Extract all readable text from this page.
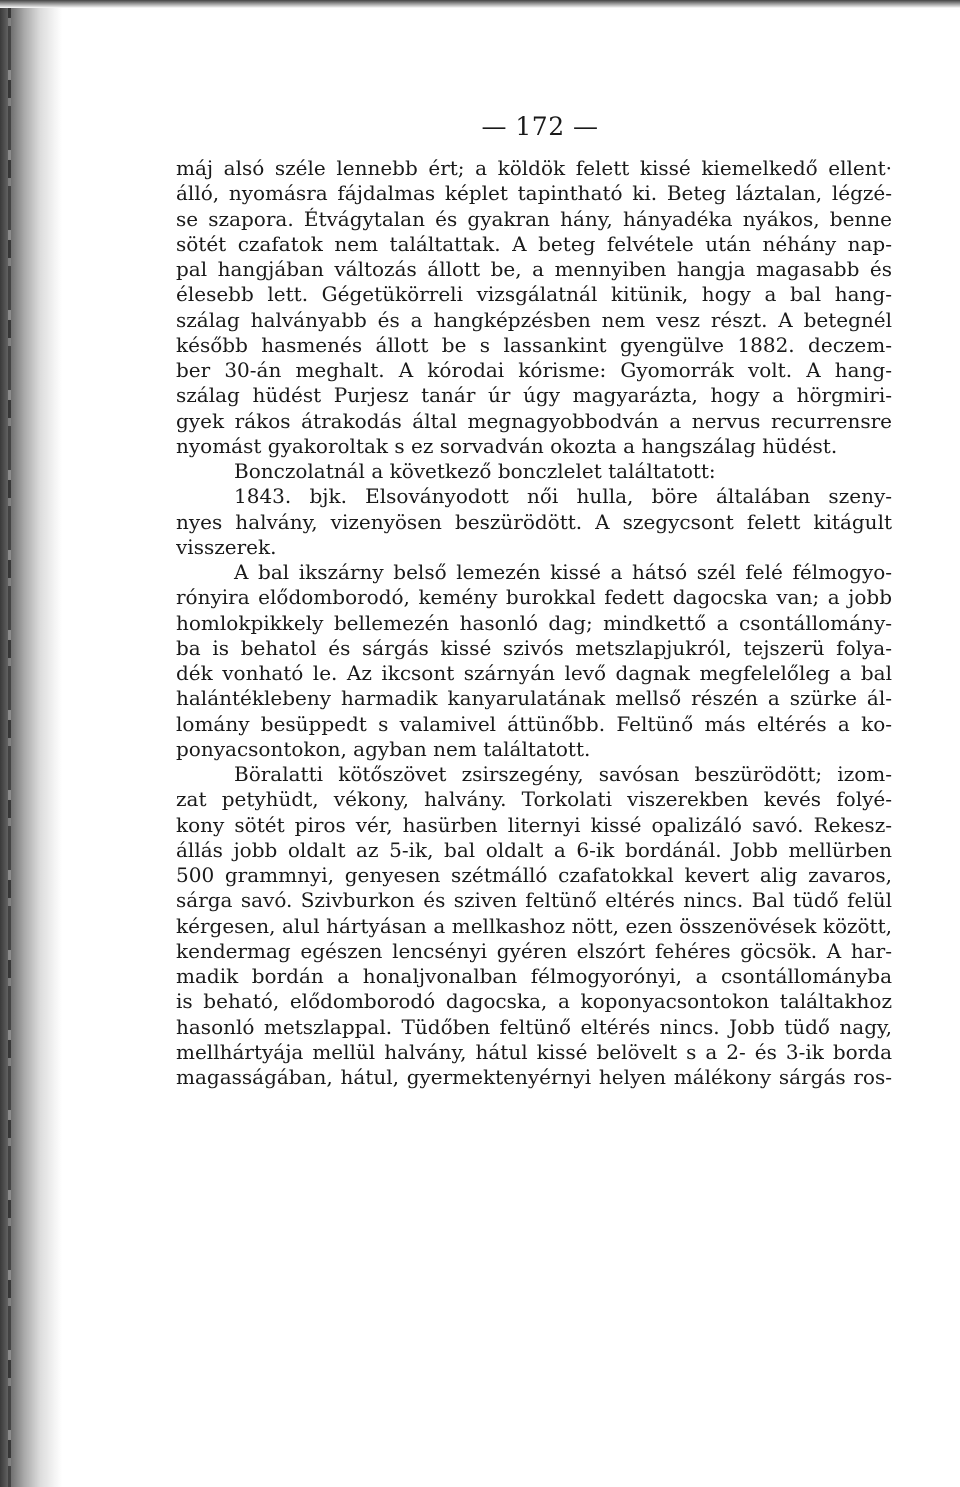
— 172 —
máj alsó széle lennebb ért; a köldök felett kissé kiemelkedő ellent·
álló, nyomásra fájdalmas képlet tapintható ki. Beteg láztalan, légzé-
se szapora. Étvágytalan és gyakran hány, hányadéka nyákos, benne
sötét czafatok nem találtattak. A beteg felvétele után néhány nap-
pal hangjában változás állott be, a mennyiben hangja magasabb és
élesebb lett. Gégetükörreli vizsgálatnál kitünik, hogy a bal hang-
szálag halványabb és a hangképzésben nem vesz részt. A betegnél
később hasmenés állott be s lassankint gyengülve 1882. deczem-
ber 30-án meghalt. A kórodai kórisme: Gyomorrák volt. A hang-
szálag hüdést Purjesz tanár úr úgy magyarázta, hogy a hörgmiri-
gyek rákos átrakodás által megnagyobbodván a nervus recurrensre
nyomást gyakoroltak s ez sorvadván okozta a hangszálag hüdést.
Bonczolatnál a következő bonczlelet találtatott:
1843. bjk. Elsoványodott női hulla, böre általában szeny-
nyes halvány, vizenyösen beszürödött. A szegycsont felett kitágult
visszerek.
A bal ikszárny belső lemezén kissé a hátsó szél felé félmogyo-
rónyira elődomborodó, kemény burokkal fedett dagocska van; a jobb
homlokpikkely bellemezén hasonló dag; mindkettő a csontállomány-
ba is behatol és sárgás kissé szivós metszlapjukról, tejszerü folya-
dék vonható le. Az ikcsont szárnyán levő dagnak megfelelőleg a bal
halántéklebeny harmadik kanyarulatának mellső részén a szürke ál-
lomány besüppedt s valamivel áttünőbb. Feltünő más eltérés a ko-
ponyacsontokon, agyban nem találtatott.
Böralatti kötőszövet zsirszegény, savósan beszürödött; izom-
zat petyhüdt, vékony, halvány. Torkolati viszerekben kevés folyé-
kony sötét piros vér, hasürben liternyi kissé opalizáló savó. Rekesz-
állás jobb oldalt az 5-ik, bal oldalt a 6-ik bordánál. Jobb mellürben
500 grammnyi, genyesen szétmálló czafatokkal kevert alig zavaros,
sárga savó. Szivburkon és sziven feltünő eltérés nincs. Bal tüdő felül
kérgesen, alul hártyásan a mellkashoz nött, ezen összenövések között,
kendermag egészen lencsényi gyéren elszórt fehéres göcsök. A har-
madik bordán a honaljvonalban félmogyorónyi, a csontállományba
is beható, elődomborodó dagocska, a koponyacsontokon találtakhoz
hasonló metszlappal. Tüdőben feltünő eltérés nincs. Jobb tüdő nagy,
mellhártyája mellül halvány, hátul kissé belövelt s a 2- és 3-ik borda
magasságában, hátul, gyermektenyérnyi helyen málékony sárgás ros-
